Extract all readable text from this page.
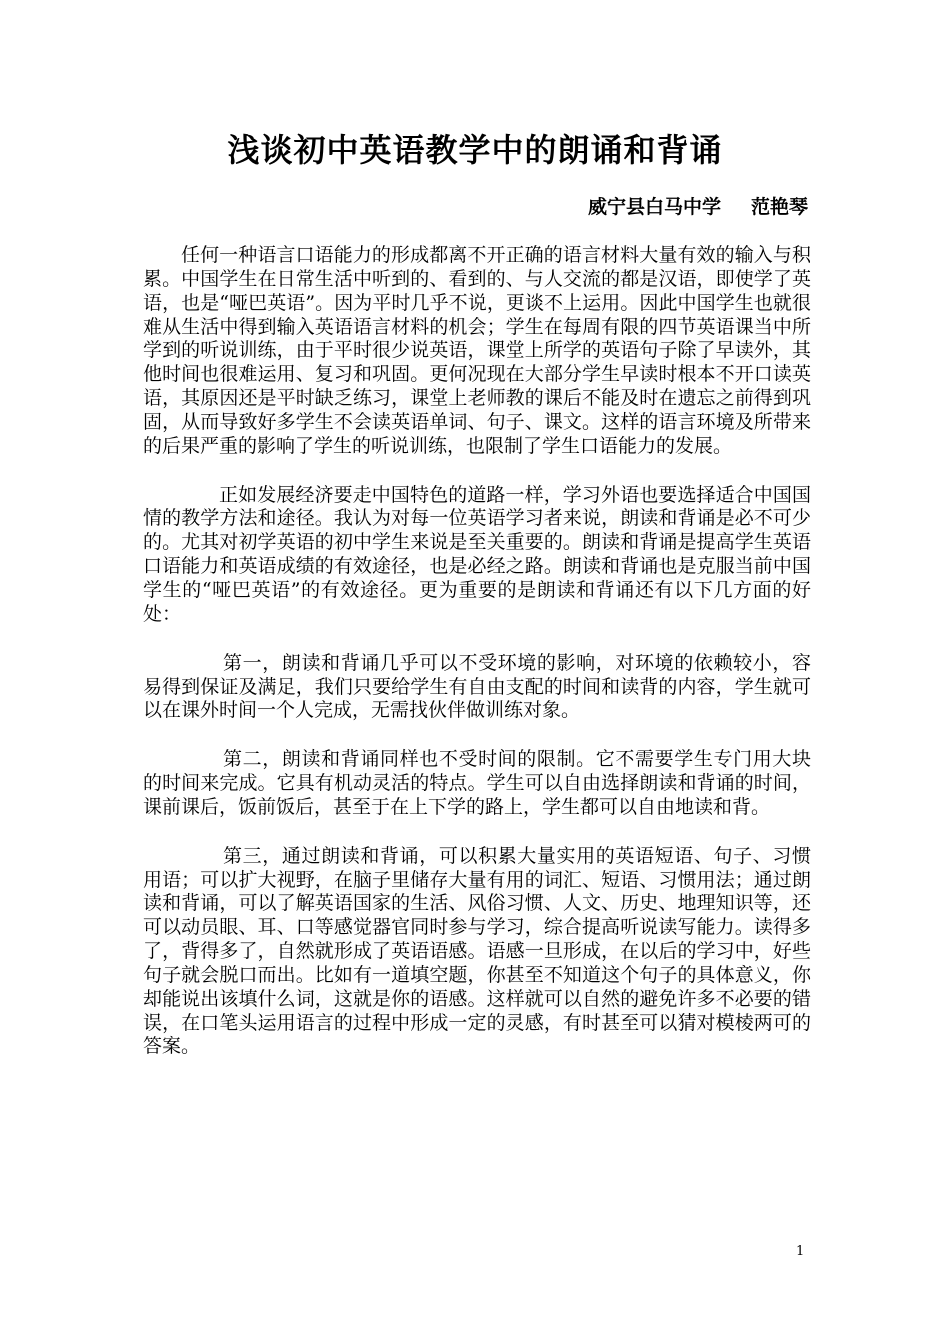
浅谈初中英语教学中的朗诵和背诵
威宁县白马中学 范艳琴

任何一种语言口语能力的形成都离不开正确的语言材料大量有效的输入与积累。中国学生在日常生活中听到的、看到的、与人交流的都是汉语，即使学了英语，也是“哑巴英语”。因为平时几乎不说，更谈不上运用。因此中国学生也就很难从生活中得到输入英语语言材料的机会；学生在每周有限的四节英语课当中所学到的听说训练，由于平时很少说英语，课堂上所学的英语句子除了早读外，其他时间也很难运用、复习和巩固。更何况现在大部分学生早读时根本不开口读英语，其原因还是平时缺乏练习，课堂上老师教的课后不能及时在遗忘之前得到巩固，从而导致好多学生不会读英语单词、句子、课文。这样的语言环境及所带来的后果严重的影响了学生的听说训练，也限制了学生口语能力的发展。

正如发展经济要走中国特色的道路一样，学习外语也要选择适合中国国情的教学方法和途径。我认为对每一位英语学习者来说，朗读和背诵是必不可少的。尤其对初学英语的初中学生来说是至关重要的。朗读和背诵是提高学生英语口语能力和英语成绩的有效途径，也是必经之路。朗读和背诵也是克服当前中国学生的“哑巴英语”的有效途径。更为重要的是朗读和背诵还有以下几方面的好处：

第一，朗读和背诵几乎可以不受环境的影响，对环境的依赖较小，容易得到保证及满足，我们只要给学生有自由支配的时间和读背的内容，学生就可以在课外时间一个人完成，无需找伙伴做训练对象。

第二，朗读和背诵同样也不受时间的限制。它不需要学生专门用大块的时间来完成。它具有机动灵活的特点。学生可以自由选择朗读和背诵的时间，课前课后，饭前饭后，甚至于在上下学的路上，学生都可以自由地读和背。

第三，通过朗读和背诵，可以积累大量实用的英语短语、句子、习惯用语；可以扩大视野，在脑子里储存大量有用的词汇、短语、习惯用法；通过朗读和背诵，可以了解英语国家的生活、风俗习惯、人文、历史、地理知识等，还可以动员眼、耳、口等感觉器官同时参与学习，综合提高听说读写能力。读得多了，背得多了，自然就形成了英语语感。语感一旦形成，在以后的学习中，好些句子就会脱口而出。比如有一道填空题，你甚至不知道这个句子的具体意义，你却能说出该填什么词，这就是你的语感。这样就可以自然的避免许多不必要的错误，在口笔头运用语言的过程中形成一定的灵感，有时甚至可以猜对模棱两可的答案。

1
